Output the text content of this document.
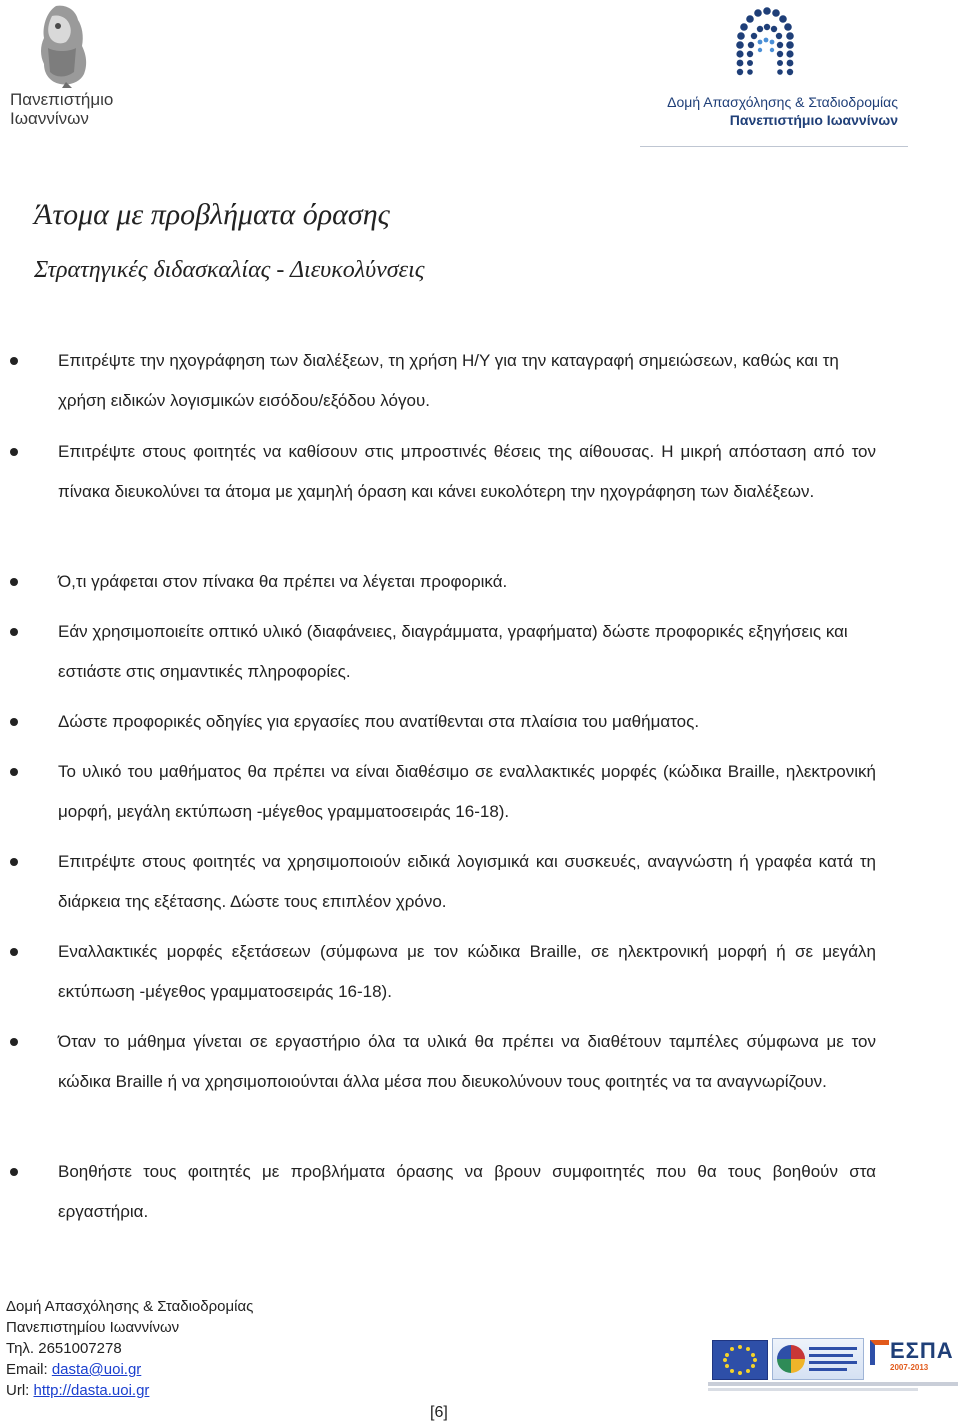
Πανεπιστήμιο
Ιωαννίνων
Δομή Απασχόλησης & Σταδιοδρομίας
Πανεπιστήμιο Ιωαννίνων
Άτομα με προβλήματα όρασης
Στρατηγικές διδασκαλίας - Διευκολύνσεις
Επιτρέψτε την ηχογράφηση των διαλέξεων, τη χρήση Η/Υ για την καταγραφή σημειώσεων, καθώς και τη χρήση ειδικών λογισμικών εισόδου/εξόδου λόγου.
Επιτρέψτε στους φοιτητές να καθίσουν στις μπροστινές θέσεις της αίθουσας. Η μικρή απόσταση από τον πίνακα διευκολύνει τα άτομα με χαμηλή όραση και κάνει ευκολότερη την ηχογράφηση των διαλέξεων.
Ό,τι γράφεται στον πίνακα θα πρέπει να λέγεται προφορικά.
Εάν χρησιμοποιείτε οπτικό υλικό (διαφάνειες, διαγράμματα, γραφήματα) δώστε προφορικές εξηγήσεις και εστιάστε στις σημαντικές πληροφορίες.
Δώστε προφορικές οδηγίες για εργασίες που ανατίθενται στα πλαίσια του μαθήματος.
Το υλικό του μαθήματος θα πρέπει να είναι διαθέσιμο σε εναλλακτικές μορφές (κώδικα Braille, ηλεκτρονική μορφή, μεγάλη εκτύπωση -μέγεθος γραμματοσειράς 16-18).
Επιτρέψτε στους φοιτητές να χρησιμοποιούν ειδικά λογισμικά και συσκευές, αναγνώστη ή γραφέα κατά τη διάρκεια της εξέτασης. Δώστε τους επιπλέον χρόνο.
Εναλλακτικές μορφές εξετάσεων (σύμφωνα με τον κώδικα Braille, σε ηλεκτρονική μορφή ή σε μεγάλη εκτύπωση -μέγεθος γραμματοσειράς 16-18).
Όταν το μάθημα γίνεται σε εργαστήριο όλα τα υλικά θα πρέπει να διαθέτουν ταμπέλες σύμφωνα με τον κώδικα Braille ή να χρησιμοποιούνται άλλα μέσα που διευκολύνουν τους φοιτητές να τα αναγνωρίζουν.
Βοηθήστε τους φοιτητές με προβλήματα όρασης να βρουν συμφοιτητές που θα τους βοηθούν στα εργαστήρια.
Δομή Απασχόλησης & Σταδιοδρομίας
Πανεπιστημίου Ιωαννίνων
Τηλ. 2651007278
Email: dasta@uoi.gr
Url: http://dasta.uoi.gr
ΕΣΠΑ
2007-2013
[6]
